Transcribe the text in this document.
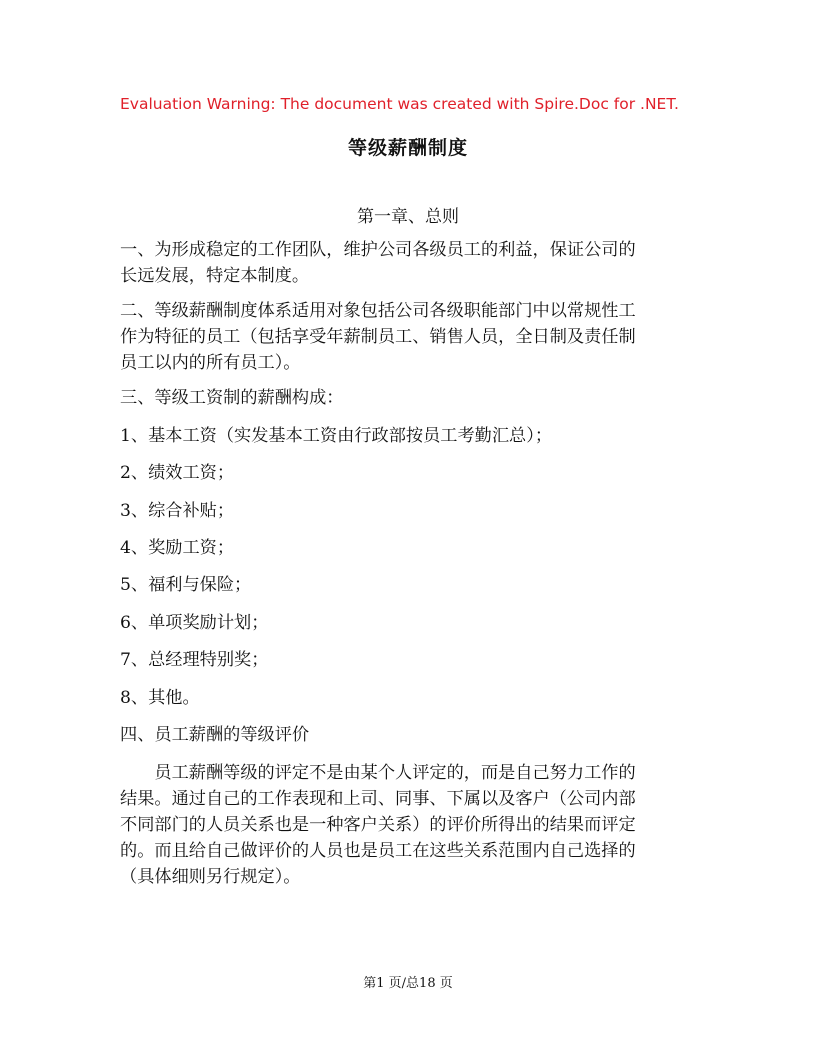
Evaluation Warning: The document was created with Spire.Doc for .NET.
等级薪酬制度
第一章、总则
一、为形成稳定的工作团队，维护公司各级员工的利益，保证公司的
长远发展，特定本制度。
二、等级薪酬制度体系适用对象包括公司各级职能部门中以常规性工
作为特征的员工（包括享受年薪制员工、销售人员，全日制及责任制
员工以内的所有员工）。
三、等级工资制的薪酬构成：
1、基本工资（实发基本工资由行政部按员工考勤汇总）；
2、绩效工资；
3、综合补贴；
4、奖励工资；
5、福利与保险；
6、单项奖励计划；
7、总经理特别奖；
8、其他。
四、员工薪酬的等级评价
　　员工薪酬等级的评定不是由某个人评定的，而是自己努力工作的
结果。通过自己的工作表现和上司、同事、下属以及客户（公司内部
不同部门的人员关系也是一种客户关系）的评价所得出的结果而评定
的。而且给自己做评价的人员也是员工在这些关系范围内自己选择的
（具体细则另行规定）。
第1 页/总18 页
